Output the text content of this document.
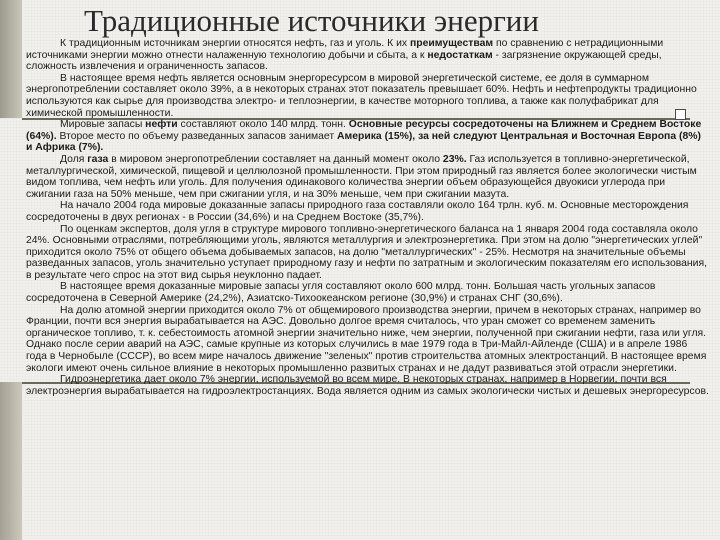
Традиционные источники энергии

К традиционным источникам энергии относятся нефть, газ и уголь. К их преимуществам по сравнению с нетрадиционными источниками энергии можно отнести налаженную технологию добычи и сбыта, а к недостаткам - загрязнение окружающей среды, сложность извлечения и ограниченность запасов.

В настоящее время нефть является основным энергоресурсом в мировой энергетической системе, ее доля в суммарном энергопотреблении составляет около 39%, а в некоторых странах этот показатель превышает 60%. Нефть и нефтепродукты традиционно используются как сырье для производства электро- и теплоэнергии, в качестве моторного топлива, а также как полуфабрикат для химической промышленности.

Мировые запасы нефти составляют около 140 млрд. тонн. Основные ресурсы сосредоточены на Ближнем и Среднем Востоке (64%). Второе место по объему разведанных запасов занимает Америка (15%), за ней следуют Центральная и Восточная Европа (8%) и Африка (7%).

Доля газа в мировом энергопотреблении составляет на данный момент около 23%. Газ используется в топливно-энергетической, металлургической, химической, пищевой и целлюлозной промышленности. При этом природный газ является более экологически чистым видом топлива, чем нефть или уголь. Для получения одинакового количества энергии объем образующейся двуокиси углерода при сжигании газа на 50% меньше, чем при сжигании угля, и на 30% меньше, чем при сжигании мазута.

На начало 2004 года мировые доказанные запасы природного газа составляли около 164 трлн. куб. м. Основные месторождения сосредоточены в двух регионах - в России (34,6%) и на Среднем Востоке (35,7%).

По оценкам экспертов, доля угля в структуре мирового топливно-энергетического баланса на 1 января 2004 года составляла около 24%. Основными отраслями, потребляющими уголь, являются металлургия и электроэнергетика. При этом на долю "энергетических углей" приходится около 75% от общего объема добываемых запасов, на долю "металлургических" - 25%. Несмотря на значительные объемы разведанных запасов, уголь значительно уступает природному газу и нефти по затратным и экологическим показателям его использования, в результате чего спрос на этот вид сырья неуклонно падает.

В настоящее время доказанные мировые запасы угля составляют около 600 млрд. тонн. Большая часть угольных запасов сосредоточена в Северной Америке (24,2%), Азиатско-Тихоокеанском регионе (30,9%) и странах СНГ (30,6%).

На долю атомной энергии приходится около 7% от общемирового производства энергии, причем в некоторых странах, например во Франции, почти вся энергия вырабатывается на АЭС. Довольно долгое время считалось, что уран сможет со временем заменить органическое топливо, т. к. себестоимость атомной энергии значительно ниже, чем энергии, полученной при сжигании нефти, газа или угля. Однако после серии аварий на АЭС, самые крупные из которых случились в мае 1979 года в Три-Майл-Айленде (США) и в апреле 1986 года в Чернобыле (СССР), во всем мире началось движение "зеленых" против строительства атомных электростанций. В настоящее время экологи имеют очень сильное влияние в некоторых промышленно развитых странах и не дадут развиваться этой отрасли энергетики.

Гидроэнергетика дает около 7% энергии, используемой во всем мире. В некоторых странах, например в Норвегии, почти вся электроэнергия вырабатывается на гидроэлектростанциях. Вода является одним из самых экологически чистых и дешевых энергоресурсов.
